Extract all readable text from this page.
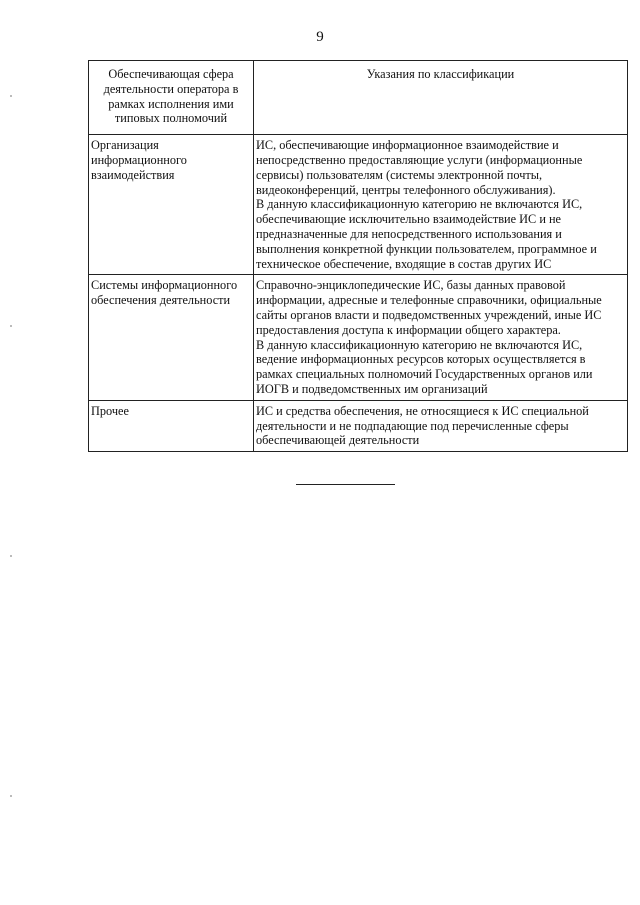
9
Обеспечивающая сфера деятельности оператора в рамках исполнения ими типовых полномочий	Указания по классификации

Организация информационного взаимодействия	ИС, обеспечивающие информационное взаимодействие и непосредственно предоставляющие услуги (информационные сервисы) пользователям (системы электронной почты, видеоконференций, центры телефонного обслуживания).
В данную классификационную категорию не включаются ИС, обеспечивающие исключительно взаимодействие ИС и не предназначенные для непосредственного использования и выполнения конкретной функции пользователем, программное и техническое обеспечение, входящие в состав других ИС

Системы информационного обеспечения деятельности	Справочно-энциклопедические ИС, базы данных правовой информации, адресные и телефонные справочники, официальные сайты органов власти и подведомственных учреждений, иные ИС предоставления доступа к информации общего характера.
В данную классификационную категорию не включаются ИС, ведение информационных ресурсов которых осуществляется в рамках специальных полномочий Государственных органов или ИОГВ и подведомственных им организаций

Прочее	ИС и средства обеспечения, не относящиеся к ИС специальной деятельности и не подпадающие под перечисленные сферы обеспечивающей деятельности
